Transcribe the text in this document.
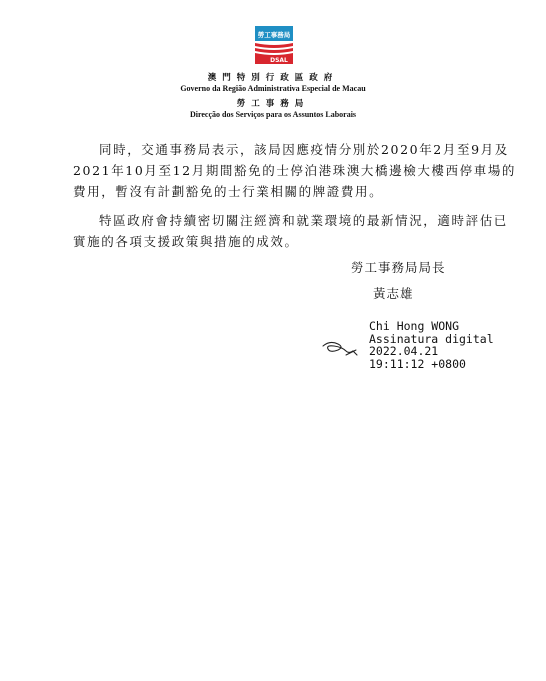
勞工事務局
DSAL
澳門特別行政區政府
Governo da Região Administrativa Especial de Macau
勞工事務局
Direcção dos Serviços para os Assuntos Laborais
同時，交通事務局表示，該局因應疫情分別於2020年2月至9月及
2021年10月至12月期間豁免的士停泊港珠澳大橋邊檢大樓西停車場的
費用，暫沒有計劃豁免的士行業相關的牌證費用。
特區政府會持續密切關注經濟和就業環境的最新情況，適時評估已
實施的各項支援政策與措施的成效。
勞工事務局局長
黃志雄
Chi Hong WONG
Assinatura digital
2022.04.21
19:11:12 +0800
